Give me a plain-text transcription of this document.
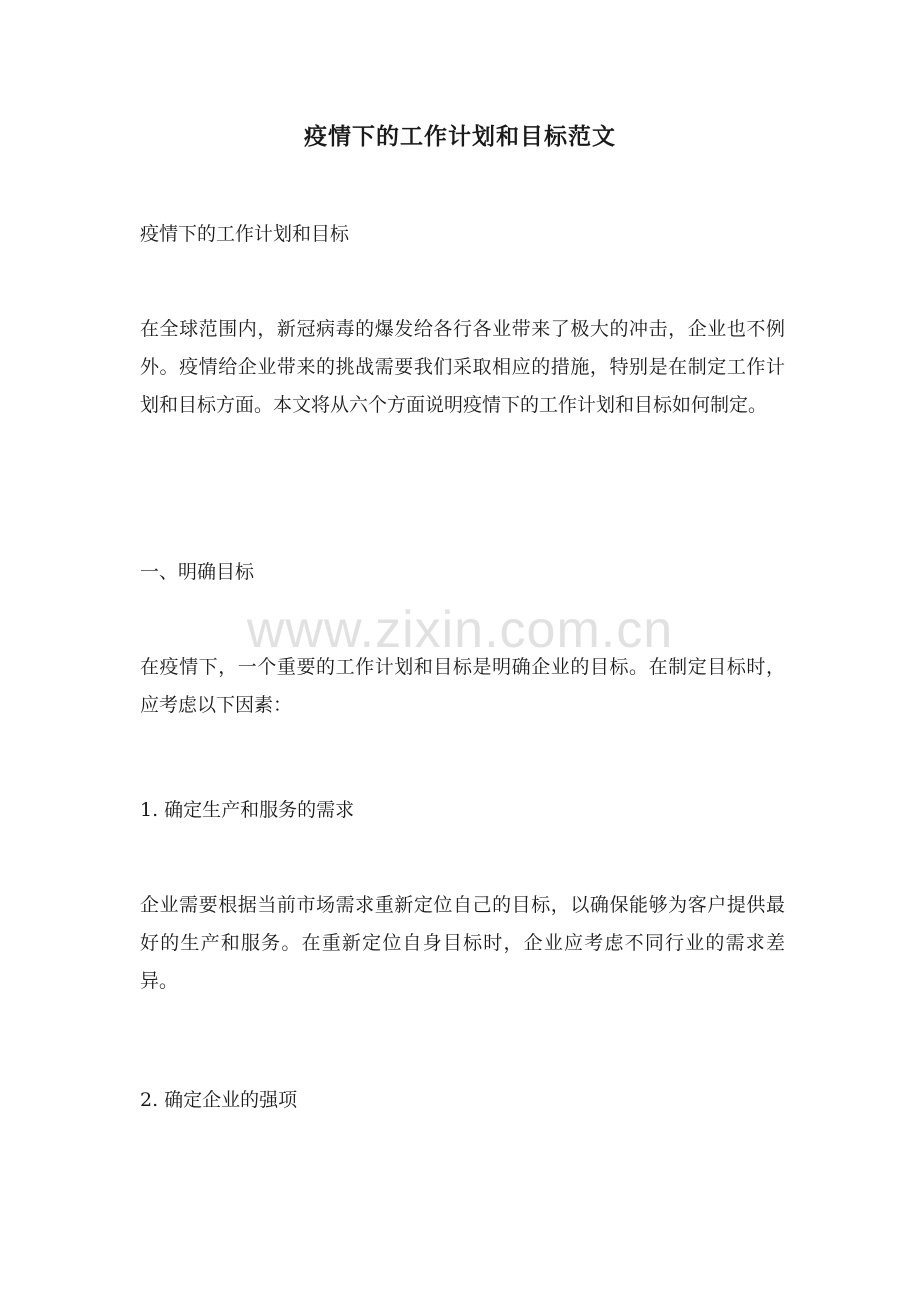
疫情下的工作计划和目标范文

疫情下的工作计划和目标

在全球范围内，新冠病毒的爆发给各行各业带来了极大的冲击，企业也不例外。疫情给企业带来的挑战需要我们采取相应的措施，特别是在制定工作计划和目标方面。本文将从六个方面说明疫情下的工作计划和目标如何制定。

一、明确目标

在疫情下，一个重要的工作计划和目标是明确企业的目标。在制定目标时，应考虑以下因素：

1. 确定生产和服务的需求

企业需要根据当前市场需求重新定位自己的目标，以确保能够为客户提供最好的生产和服务。在重新定位自身目标时，企业应考虑不同行业的需求差异。

2. 确定企业的强项

www.zixin.com.cn
